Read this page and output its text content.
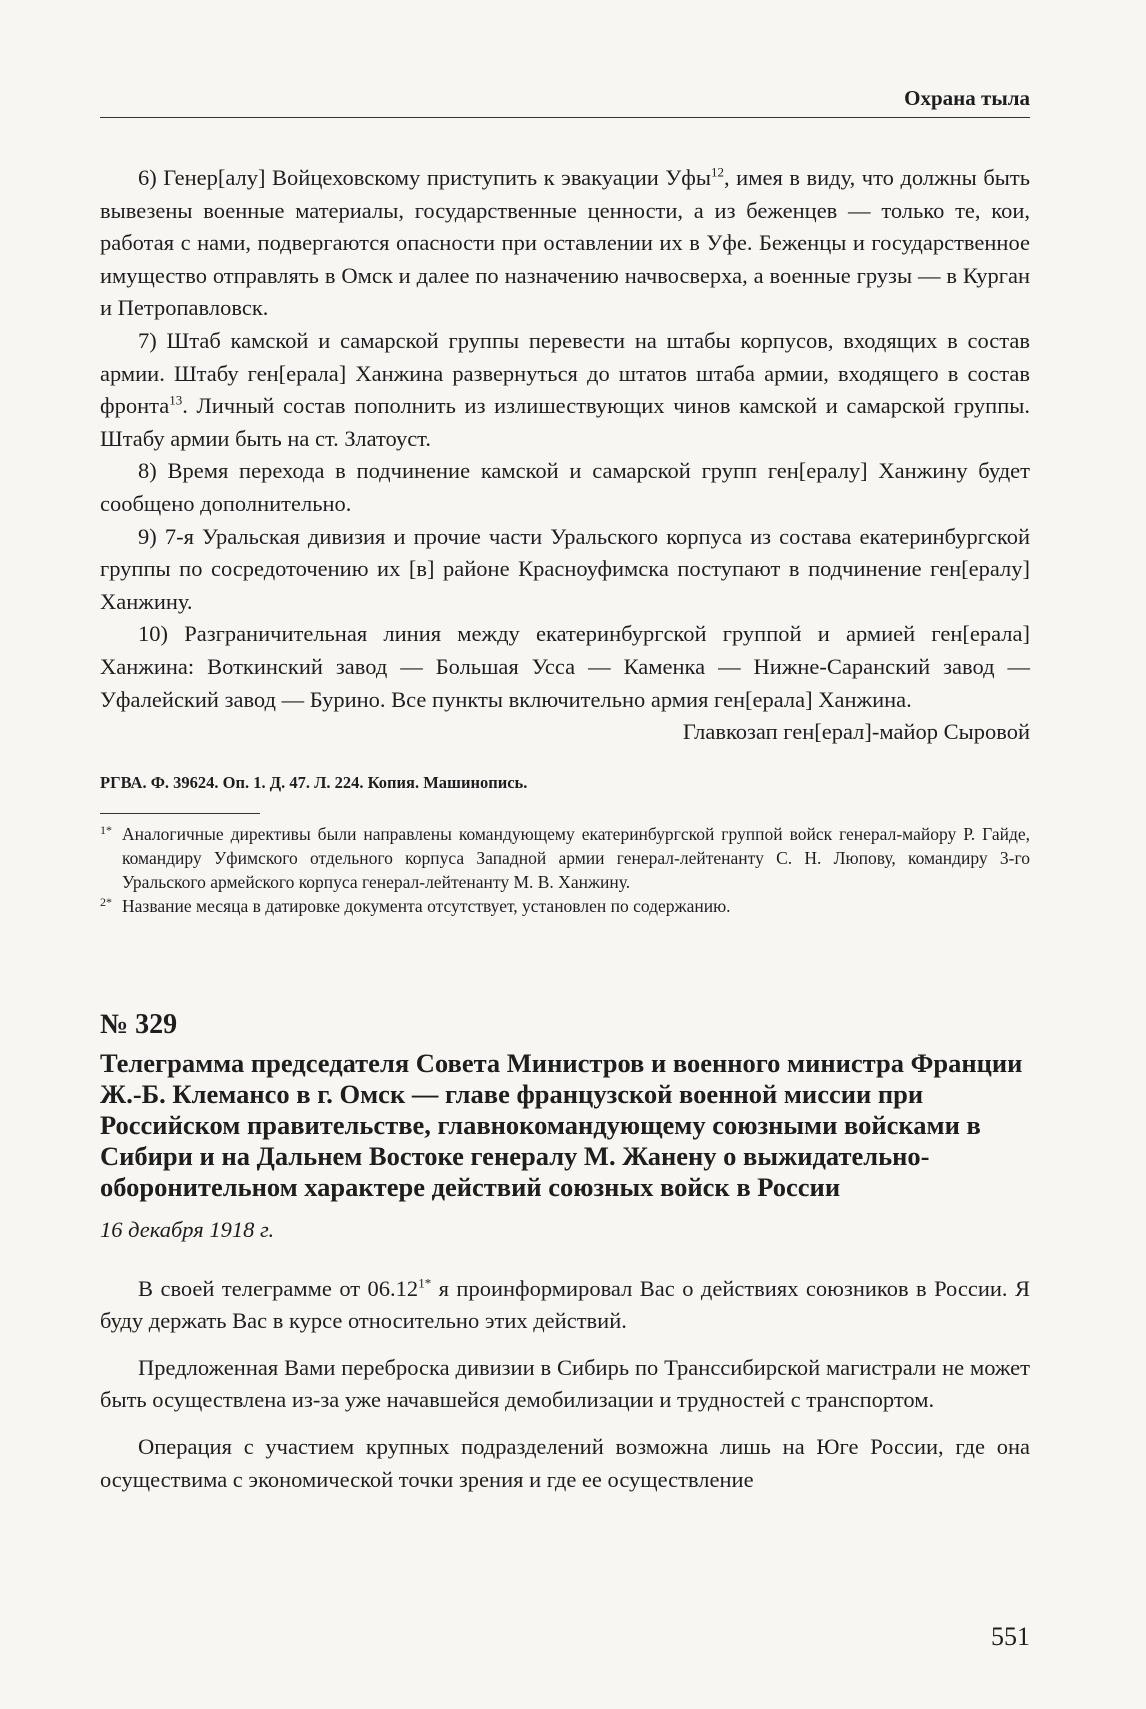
Охрана тыла

6) Генер[алу] Войцеховскому приступить к эвакуации Уфы$^{12}$, имея в виду, что должны быть вывезены военные материалы, государственные ценности, а из беженцев — только те, кои, работая с нами, подвергаются опасности при оставлении их в Уфе. Беженцы и государственное имущество отправлять в Омск и далее по назначению начвосверха, а военные грузы — в Курган и Петропавловск.

7) Штаб камской и самарской группы перевести на штабы корпусов, входящих в состав армии. Штабу ген[ерала] Ханжина развернуться до штатов штаба армии, входящего в состав фронта$^{13}$. Личный состав пополнить из излишествующих чинов камской и самарской группы. Штабу армии быть на ст. Златоуст.

8) Время перехода в подчинение камской и самарской групп ген[ералу] Ханжину будет сообщено дополнительно.

9) 7-я Уральская дивизия и прочие части Уральского корпуса из состава екатеринбургской группы по сосредоточению их [в] районе Красноуфимска поступают в подчинение ген[ералу] Ханжину.

10) Разграничительная линия между екатеринбургской группой и армией ген[ерала] Ханжина: Воткинский завод — Большая Усса — Каменка — Нижне-Саранский завод — Уфалейский завод — Бурино. Все пункты включительно армия ген[ерала] Ханжина.

Главкозап ген[ерал]-майор Сыровой

РГВА. Ф. 39624. Оп. 1. Д. 47. Л. 224. Копия. Машинопись.

1* Аналогичные директивы были направлены командующему екатеринбургской группой войск генерал-майору Р. Гайде, командиру Уфимского отдельного корпуса Западной армии генерал-лейтенанту С. Н. Люпову, командиру 3-го Уральского армейского корпуса генерал-лейтенанту М. В. Ханжину.

2* Название месяца в датировке документа отсутствует, установлен по содержанию.

№ 329

Телеграмма председателя Совета Министров и военного министра Франции Ж.-Б. Клемансо в г. Омск — главе французской военной миссии при Российском правительстве, главнокомандующему союзными войсками в Сибири и на Дальнем Востоке генералу М. Жанену о выжидательно-оборонительном характере действий союзных войск в России

16 декабря 1918 г.

В своей телеграмме от $06.12^{1*}$ я проинформировал Вас о действиях союзников в России. Я буду держать Вас в курсе относительно этих действий.

Предложенная Вами переброска дивизии в Сибирь по Транссибирской магистрали не может быть осуществлена из-за уже начавшейся демобилизации и трудностей с транспортом.

Операция с участием крупных подразделений возможна лишь на Юге России, где она осуществима с экономической точки зрения и где ее осуществление

551
